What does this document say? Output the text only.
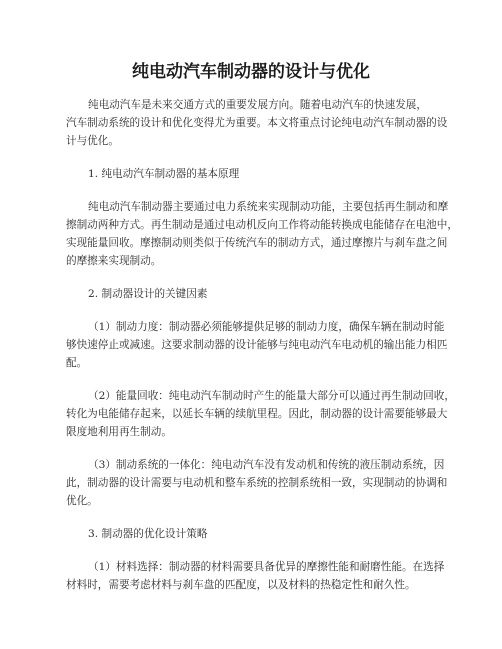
纯电动汽车制动器的设计与优化
纯电动汽车是未来交通方式的重要发展方向。随着电动汽车的快速发展，
汽车制动系统的设计和优化变得尤为重要。本文将重点讨论纯电动汽车制动器的设
计与优化。
1. 纯电动汽车制动器的基本原理
纯电动汽车制动器主要通过电力系统来实现制动功能，主要包括再生制动和摩
擦制动两种方式。再生制动是通过电动机反向工作将动能转换成电能储存在电池中，
实现能量回收。摩擦制动则类似于传统汽车的制动方式，通过摩擦片与刹车盘之间
的摩擦来实现制动。
2. 制动器设计的关键因素
（1）制动力度：制动器必须能够提供足够的制动力度，确保车辆在制动时能
够快速停止或减速。这要求制动器的设计能够与纯电动汽车电动机的输出能力相匹
配。
（2）能量回收：纯电动汽车制动时产生的能量大部分可以通过再生制动回收，
转化为电能储存起来，以延长车辆的续航里程。因此，制动器的设计需要能够最大
限度地利用再生制动。
（3）制动系统的一体化：纯电动汽车没有发动机和传统的液压制动系统，因
此，制动器的设计需要与电动机和整车系统的控制系统相一致，实现制动的协调和
优化。
3. 制动器的优化设计策略
（1）材料选择：制动器的材料需要具备优异的摩擦性能和耐磨性能。在选择
材料时，需要考虑材料与刹车盘的匹配度，以及材料的热稳定性和耐久性。
